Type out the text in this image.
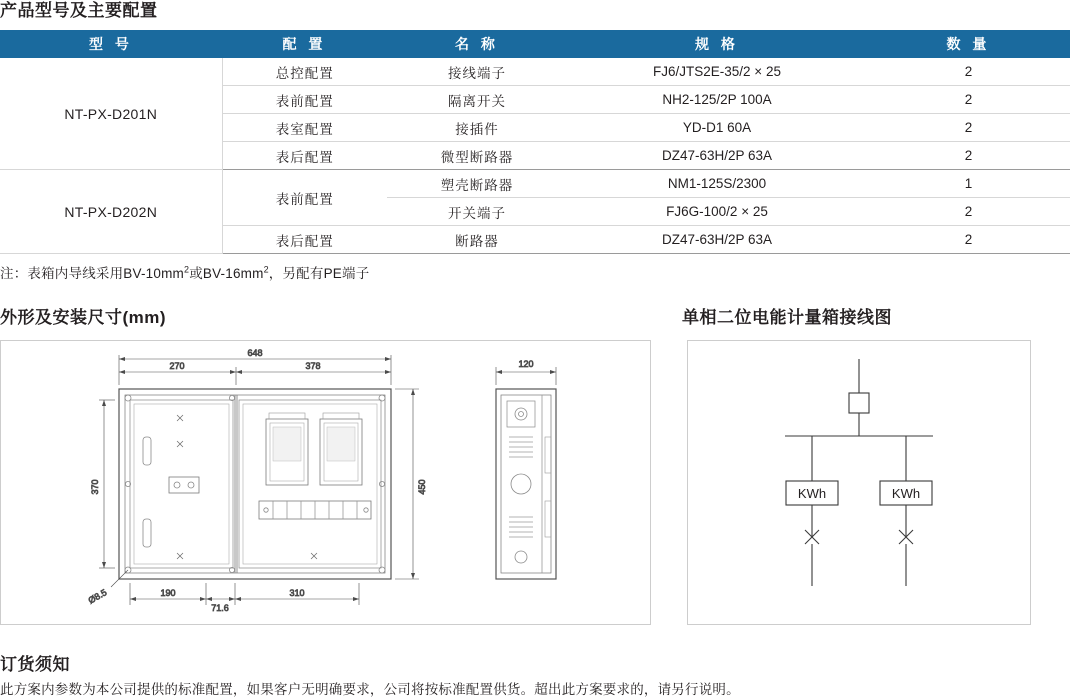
产品型号及主要配置
型 号	配 置	名 称	规 格	数 量
NT-PX-D201N	总控配置	接线端子	FJ6/JTS2E-35/2 × 25	2
	表前配置	隔离开关	NH2-125/2P 100A	2
	表室配置	接插件	YD-D1 60A	2
	表后配置	微型断路器	DZ47-63H/2P 63A	2
NT-PX-D202N	表前配置	塑壳断路器	NM1-125S/2300	1
		开关端子	FJ6G-100/2 × 25	2
	表后配置	断路器	DZ47-63H/2P 63A	2
注：表箱内导线采用$BV-10mm^2$或$BV-16mm^2$，另配有PE端子
外形及安装尺寸(mm)	单相二位电能计量箱接线图
648
270	378	120
370	450
190
71.6
310
Ø8.5
KWh	KWh
订货须知
此方案内参数为本公司提供的标准配置，如果客户无明确要求，公司将按标准配置供货。超出此方案要求的，请另行说明。
